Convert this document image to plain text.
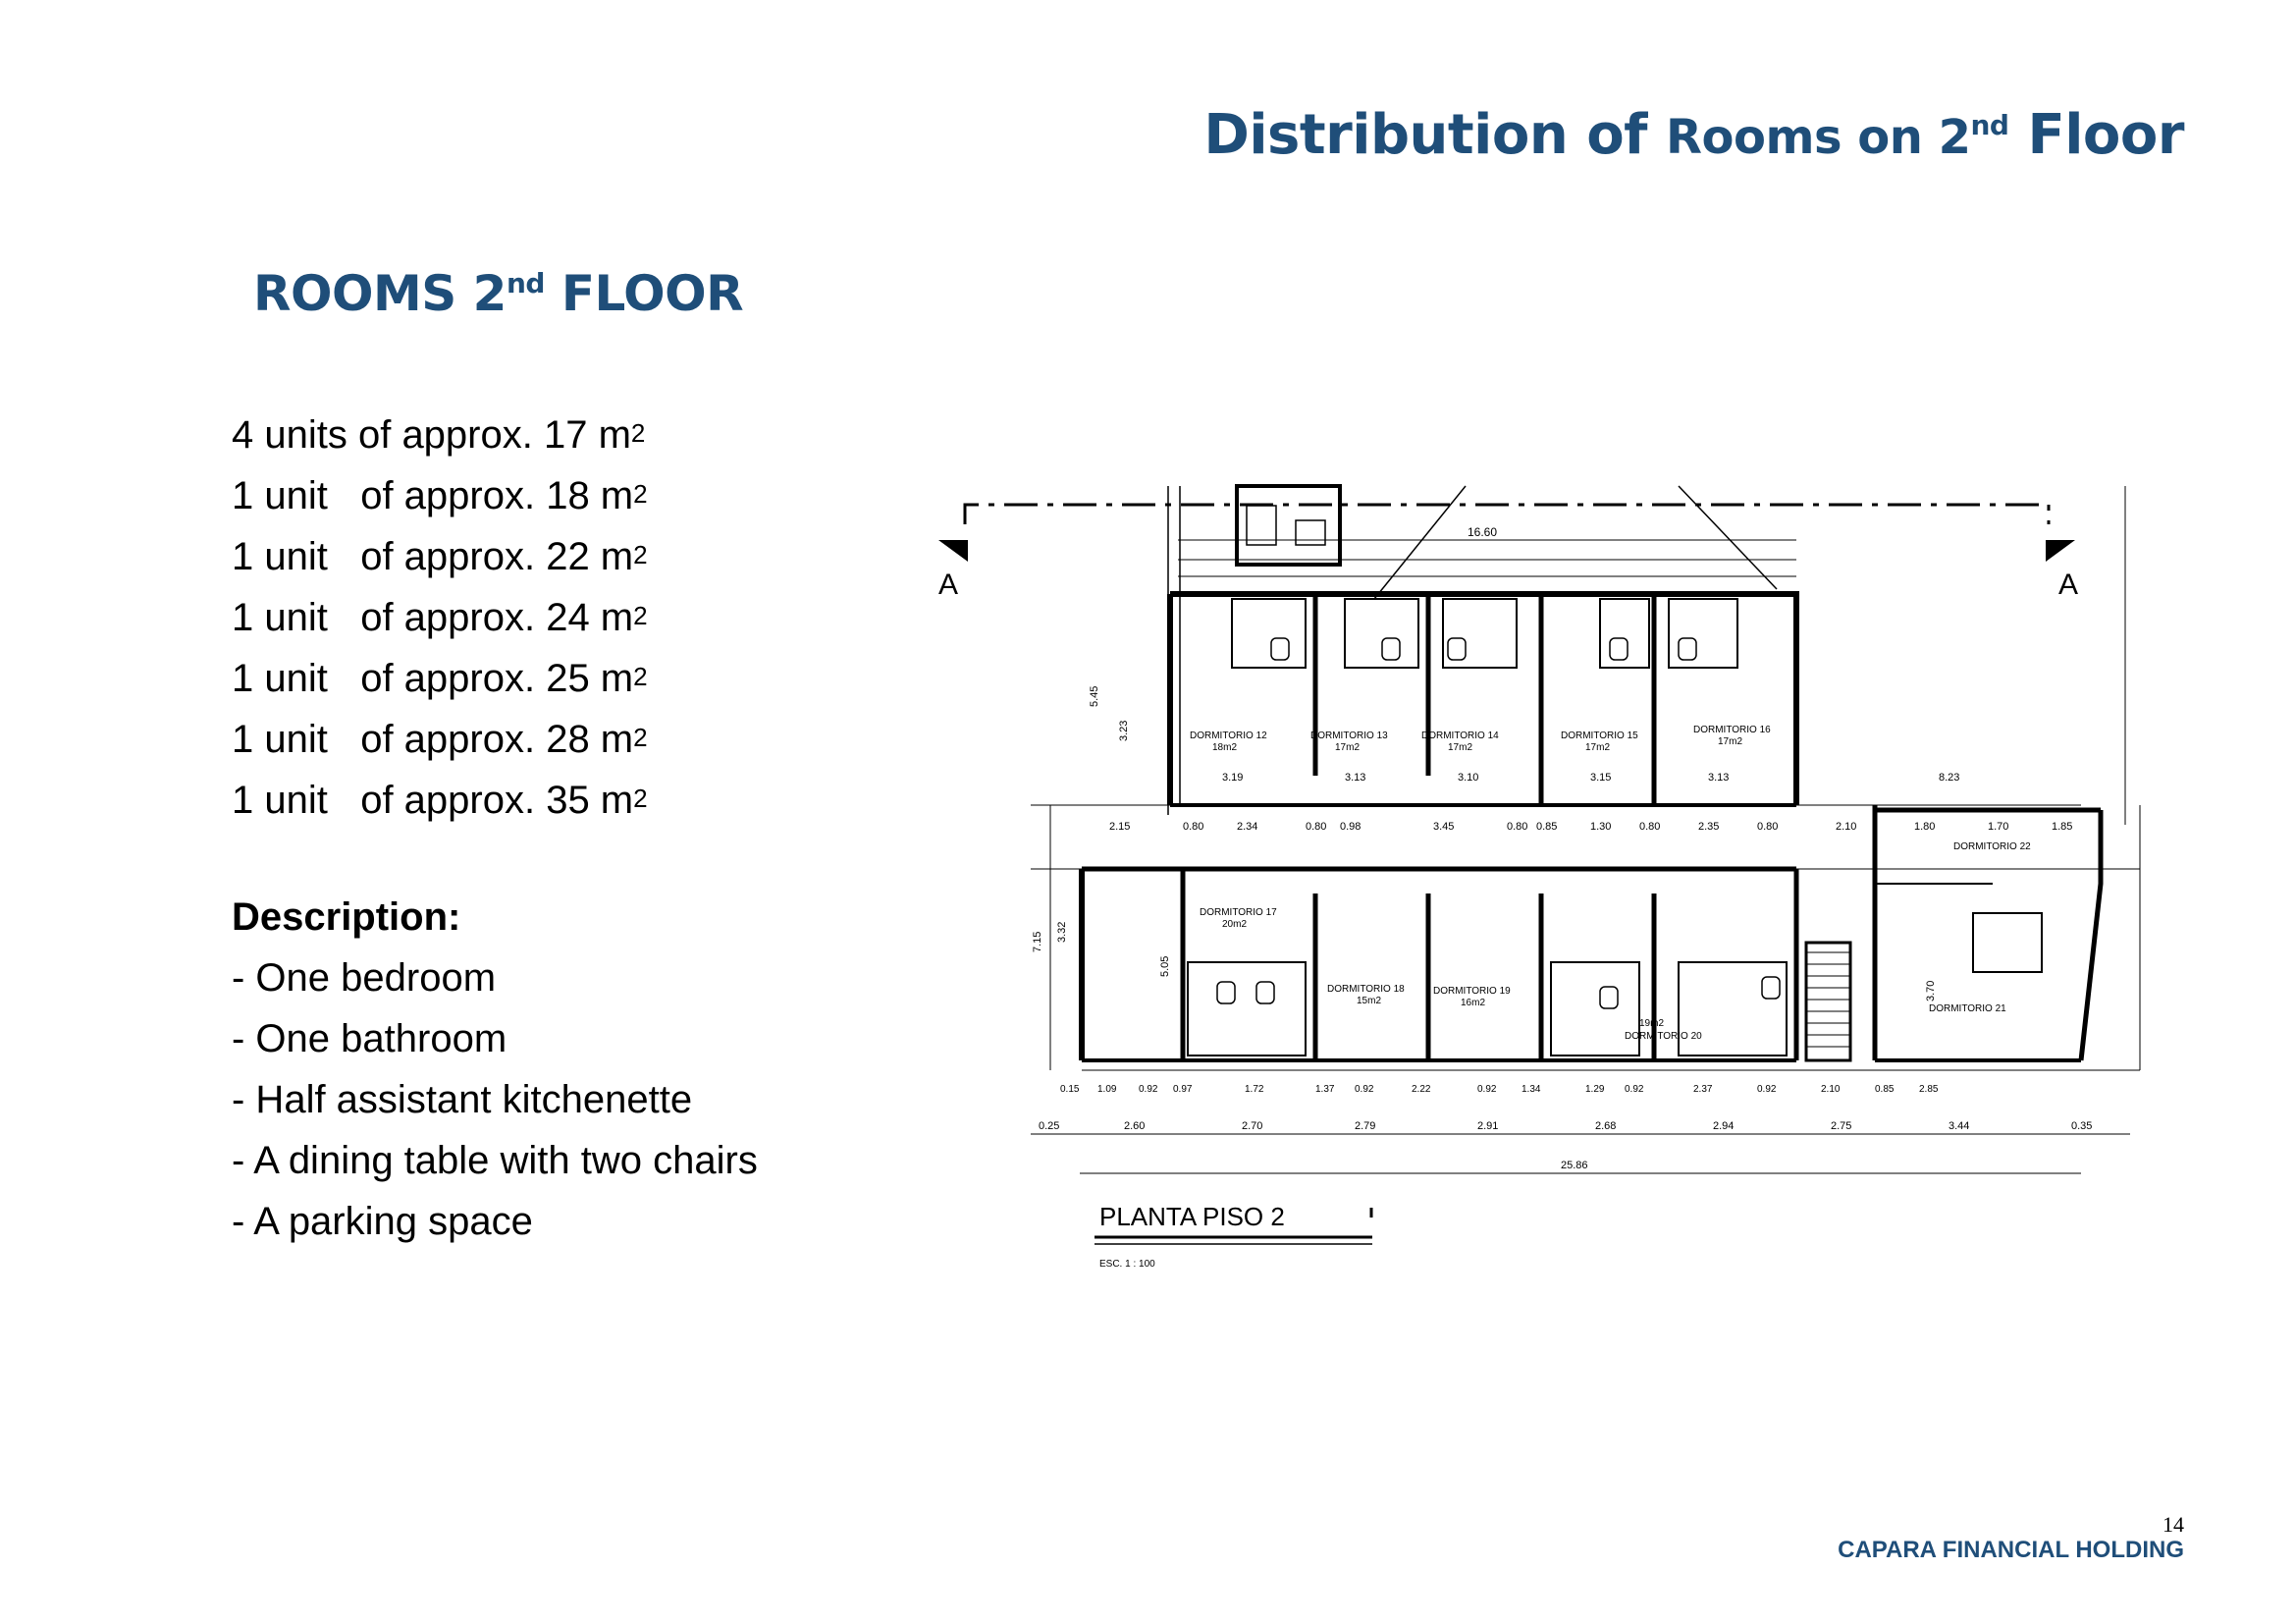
Distribution of Rooms on 2nd Floor
ROOMS 2nd FLOOR
4 units of approx. 17 $m^2$
1 unit   of approx. 18 $m^2$
1 unit   of approx. 22 $m^2$
1 unit   of approx. 24 $m^2$
1 unit   of approx. 25 $m^2$
1 unit   of approx. 28 $m^2$
1 unit   of approx. 35 $m^2$
Description:
- One bedroom
- One bathroom
- Half assistant kitchenette
- A dining table with two chairs
- A parking space
A	A
16.60
DORMITORIO 12
18m2
DORMITORIO 13
17m2
DORMITORIO 14
17m2
DORMITORIO 15
17m2
DORMITORIO 16
17m2
3.19	3.13	3.10	3.15	3.13	8.23
2.15	0.80	2.34	0.80 0.98	3.45	0.80 0.85	1.30	0.80	2.35	0.80	2.10	1.80	1.70	1.85
DORMITORIO 17
20m2
DORMITORIO 18
15m2
DORMITORIO 19
16m2
19m2
DORMITORIO 20
DORMITORIO 21
DORMITORIO 22
0.15 1.09 0.92 0.97	1.72	1.37 0.92	2.22	0.92	1.34	1.29 0.92	2.37	0.92	2.10	0.85	2.85
0.25	2.60	2.70	2.79	2.91	2.68	2.94	2.75	3.44	0.35
25.86
5.45
3.23
7.15 3.32
5.05
3.70
PLANTA PISO 2
ESC. 1 : 100
14
CAPARA FINANCIAL HOLDING
